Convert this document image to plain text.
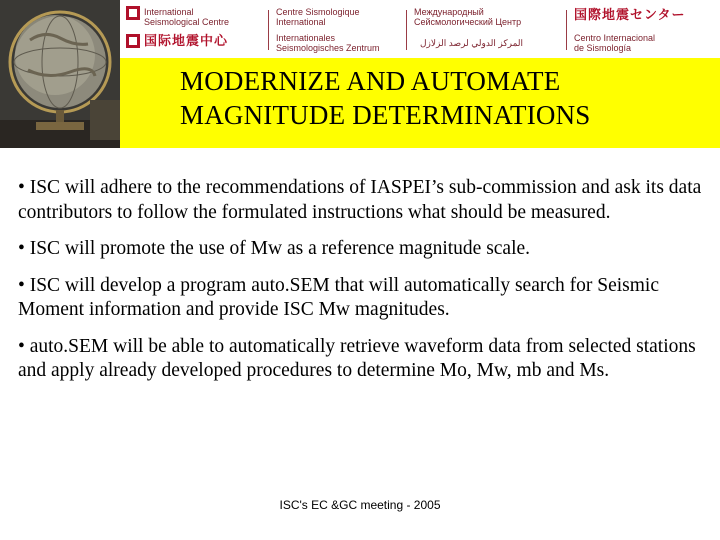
International
Seismological Centre
Centre Sismologique
International
Международный
Сейсмологический Центр	国際地震センター
国际地震中心	Internationales
Seismologisches Zentrum	المركز الدولي لرصد الزلازل	Centro Internacional
de Sismología
MODERNIZE AND AUTOMATE
MAGNITUDE DETERMINATIONS

• ISC will adhere to the recommendations of IASPEI’s sub-commission and ask its data contributors to follow the formulated instructions what should be measured.

• ISC will promote the use of Mw as a reference magnitude scale.

• ISC will develop a program auto.SEM that will automatically search for Seismic Moment information and provide ISC Mw magnitudes.

• auto.SEM will be able to automatically retrieve waveform data from selected stations and apply already developed procedures to determine Mo, Mw, mb and Ms.

ISC's EC &GC meeting - 2005
